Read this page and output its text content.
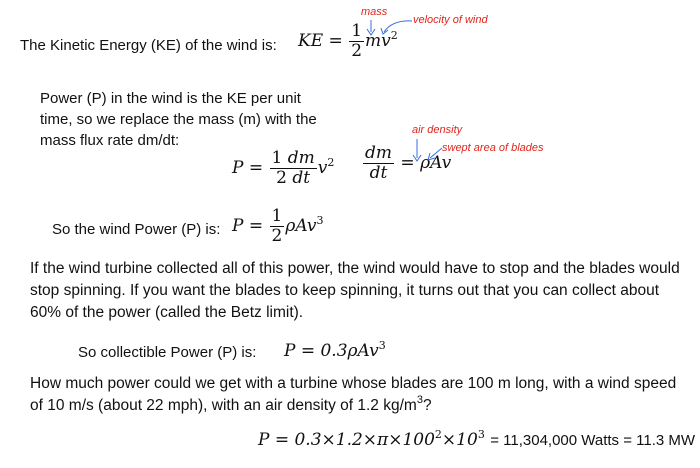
The Kinetic Energy (KE) of the wind is: KE = $\frac{1}{2} mv^2$
mass
velocity of wind
Power (P) in the wind is the KE per unit
time, so we replace the mass (m) with the
mass flux rate dm/dt:
$P = \frac{1 dm}{2 dt} v^2 \frac{dm}{dt} = \rho Av$
air density
swept area of blades
So the wind Power (P) is: $P = \frac{1}{2} \rho Av^3$
If the wind turbine collected all of this power, the wind would have to stop and the blades would stop spinning. If you want the blades to keep spinning, it turns out that you can collect about 60% of the power (called the Betz limit).
So collectible Power (P) is: P = 0.3ρAv$^3$
How much power could we get with a turbine whose blades are 100 m long, with a wind speed of 10 m/s (about 22 mph), with an air density of 1.2 $kg/m^3$?
$P = 0.3\times 1.2\times\pi\times 100^2\times 10^3 = 11,304,000$ Watts = 11.3 MW
